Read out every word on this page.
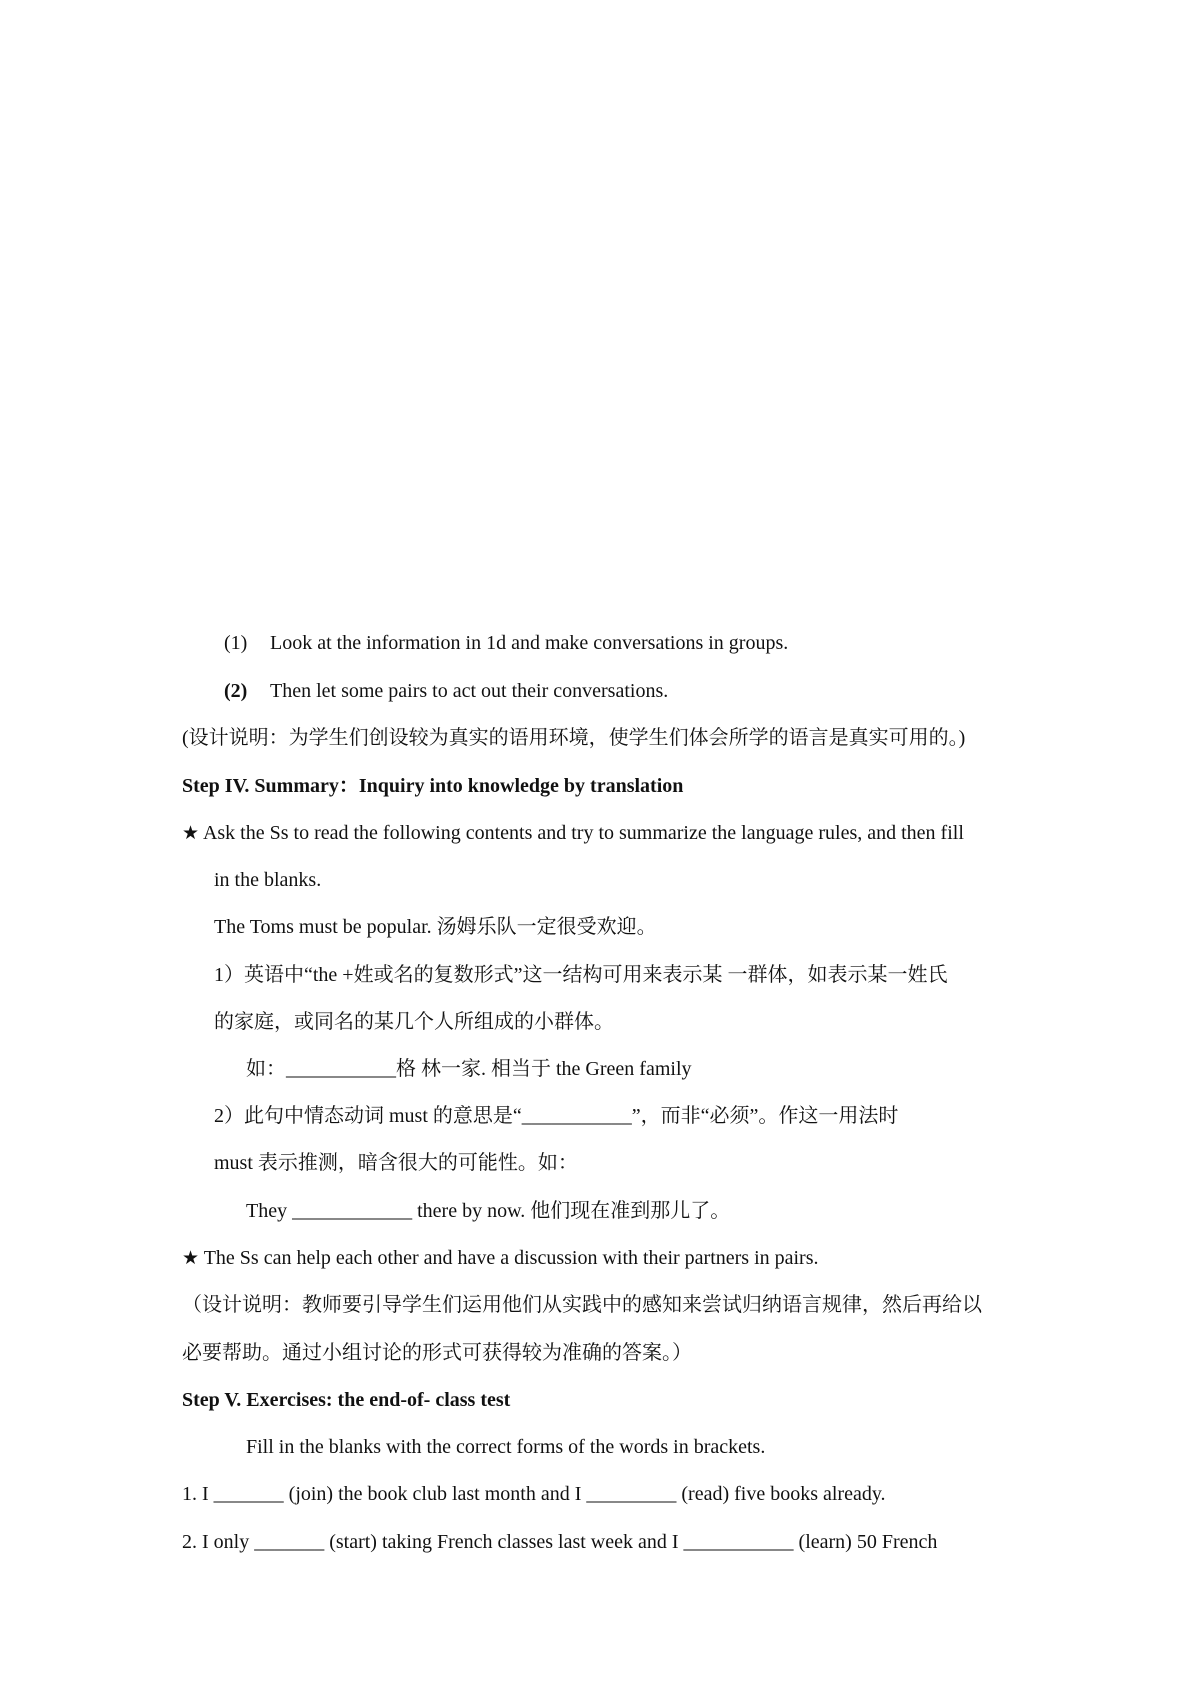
(1) Look at the information in 1d and make conversations in groups.
(2) Then let some pairs to act out their conversations.
(设计说明：为学生们创设较为真实的语用环境，使学生们体会所学的语言是真实可用的。)
Step IV. Summary：Inquiry into knowledge by translation
★ Ask the Ss to read the following contents and try to summarize the language rules, and then fill
in the blanks.
The Toms must be popular. 汤姆乐队一定很受欢迎。
1）英语中“the +姓或名的复数形式”这一结构可用来表示某 一群体，如表示某一姓氏
的家庭，或同名的某几个人所组成的小群体。
如：___________格 林一家. 相当于 the Green family
2）此句中情态动词 must 的意思是“___________”，而非“必须”。作这一用法时
must 表示推测，暗含很大的可能性。如：
They ____________ there by now. 他们现在准到那儿了。
★ The Ss can help each other and have a discussion with their partners in pairs.
（设计说明：教师要引导学生们运用他们从实践中的感知来尝试归纳语言规律，然后再给以
必要帮助。通过小组讨论的形式可获得较为准确的答案。）
Step V. Exercises: the end-of- class test
Fill in the blanks with the correct forms of the words in brackets.
1. I _______ (join) the book club last month and I _________ (read) five books already.
2. I only _______ (start) taking French classes last week and I ___________ (learn) 50 French
